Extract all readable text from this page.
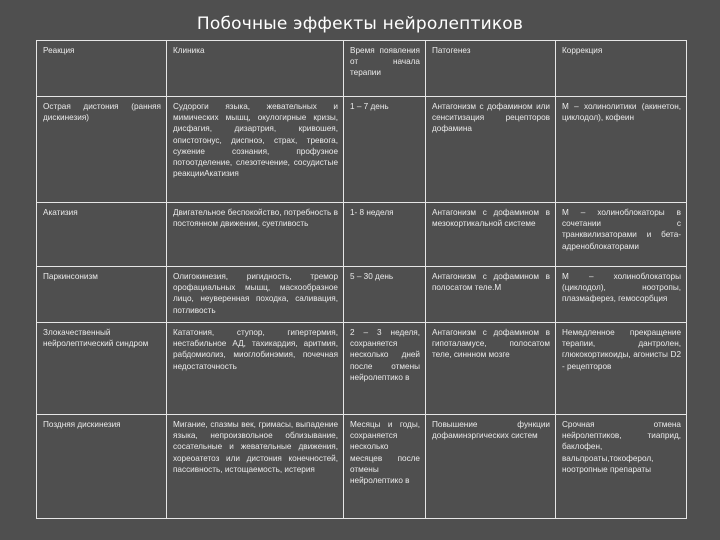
Побочные эффекты нейролептиков
Реакция	Клиника	Время появления от начала терапии	Патогенез	Коррекция
Острая дистония (ранняя дискинезия)	Судороги языка, жевательных и мимических мышц, окулогирные кризы, дисфагия, дизартрия, кривошея, опистотонус, диспноэ, страх, тревога, сужение сознания, профузное потоотделение, слезотечение, сосудистые реакцииАкатизия	1 – 7 день	Антагонизм с дофамином или сенситизация рецепторов дофамина	М – холинолитики (акинетон, циклодол), кофеин
Акатизия	Двигательное беспокойство, потребность в постоянном движении, суетливость	1- 8 неделя	Антагонизм с дофамином в мезокортикальной системе	М – холиноблокаторы в сочетании с транквилизаторами и бета-адреноблокаторами
Паркинсонизм	Олигокинезия, ригидность, тремор орофациальных мышц, маскообразное лицо, неуверенная походка, саливация, потливость	5 – 30 день	Антагонизм с дофамином в полосатом теле.М	М – холиноблокаторы (циклодол), ноотропы, плазмаферез, гемосорбция
Злокачественный нейролептический синдром	Кататония, ступор, гипертермия, нестабильное АД, тахикардия, аритмия, рабдомиолиз, миоглобинэмия, почечная недостаточность	2 – 3 неделя, сохраняется несколько дней после отмены нейролептико в	Антагонизм с дофамином в гипоталамусе, полосатом теле, синнном мозге	Немедленное прекращение терапии, дантролен, глюкокортикоиды, агонисты D2 - рецепторов
Поздняя дискинезия	Мигание, спазмы век, гримасы, выпадение языка, непроизвольное облизывание, сосательные и жевательные движения, хореоатетоз или дистония конечностей, пассивность, истощаемость, истерия	Месяцы и годы, сохраняется несколько месяцев после отмены нейролептико в	Повышение функции дофаминэргических систем	Срочная отмена нейролептиков, тиаприд, баклофен, вальпроаты,токоферол, ноотропные препараты
